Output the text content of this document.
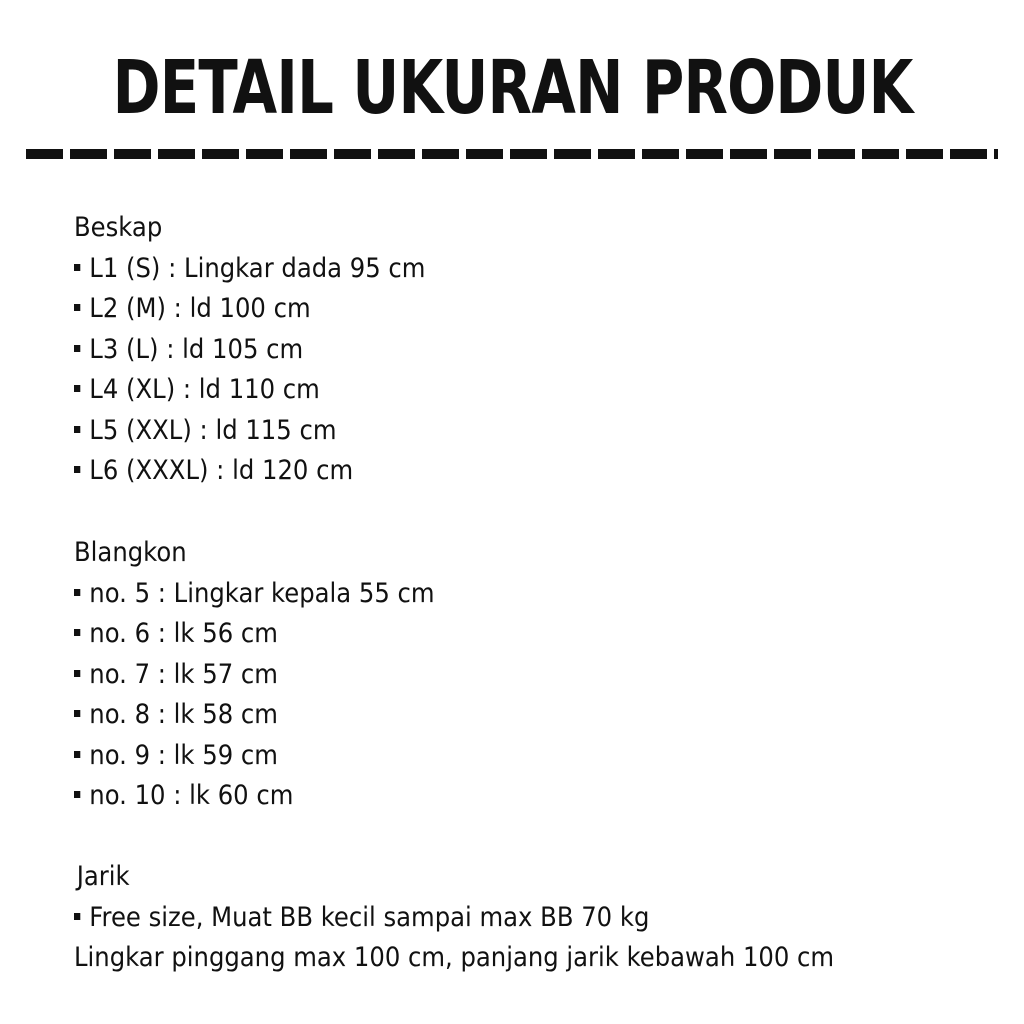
DETAIL UKURAN PRODUK
Beskap
L1 (S) : Lingkar dada 95 cm
L2 (M) : ld 100 cm
L3 (L) : ld 105 cm
L4 (XL) : ld 110 cm
L5 (XXL) : ld 115 cm
L6 (XXXL) : ld 120 cm
Blangkon
no. 5 : Lingkar kepala 55 cm
no. 6 : lk 56 cm
no. 7 : lk 57 cm
no. 8 : lk 58 cm
no. 9 : lk 59 cm
no. 10 : lk 60 cm
Jarik
Free size, Muat BB kecil sampai max BB 70 kg
Lingkar pinggang max 100 cm, panjang jarik kebawah 100 cm
